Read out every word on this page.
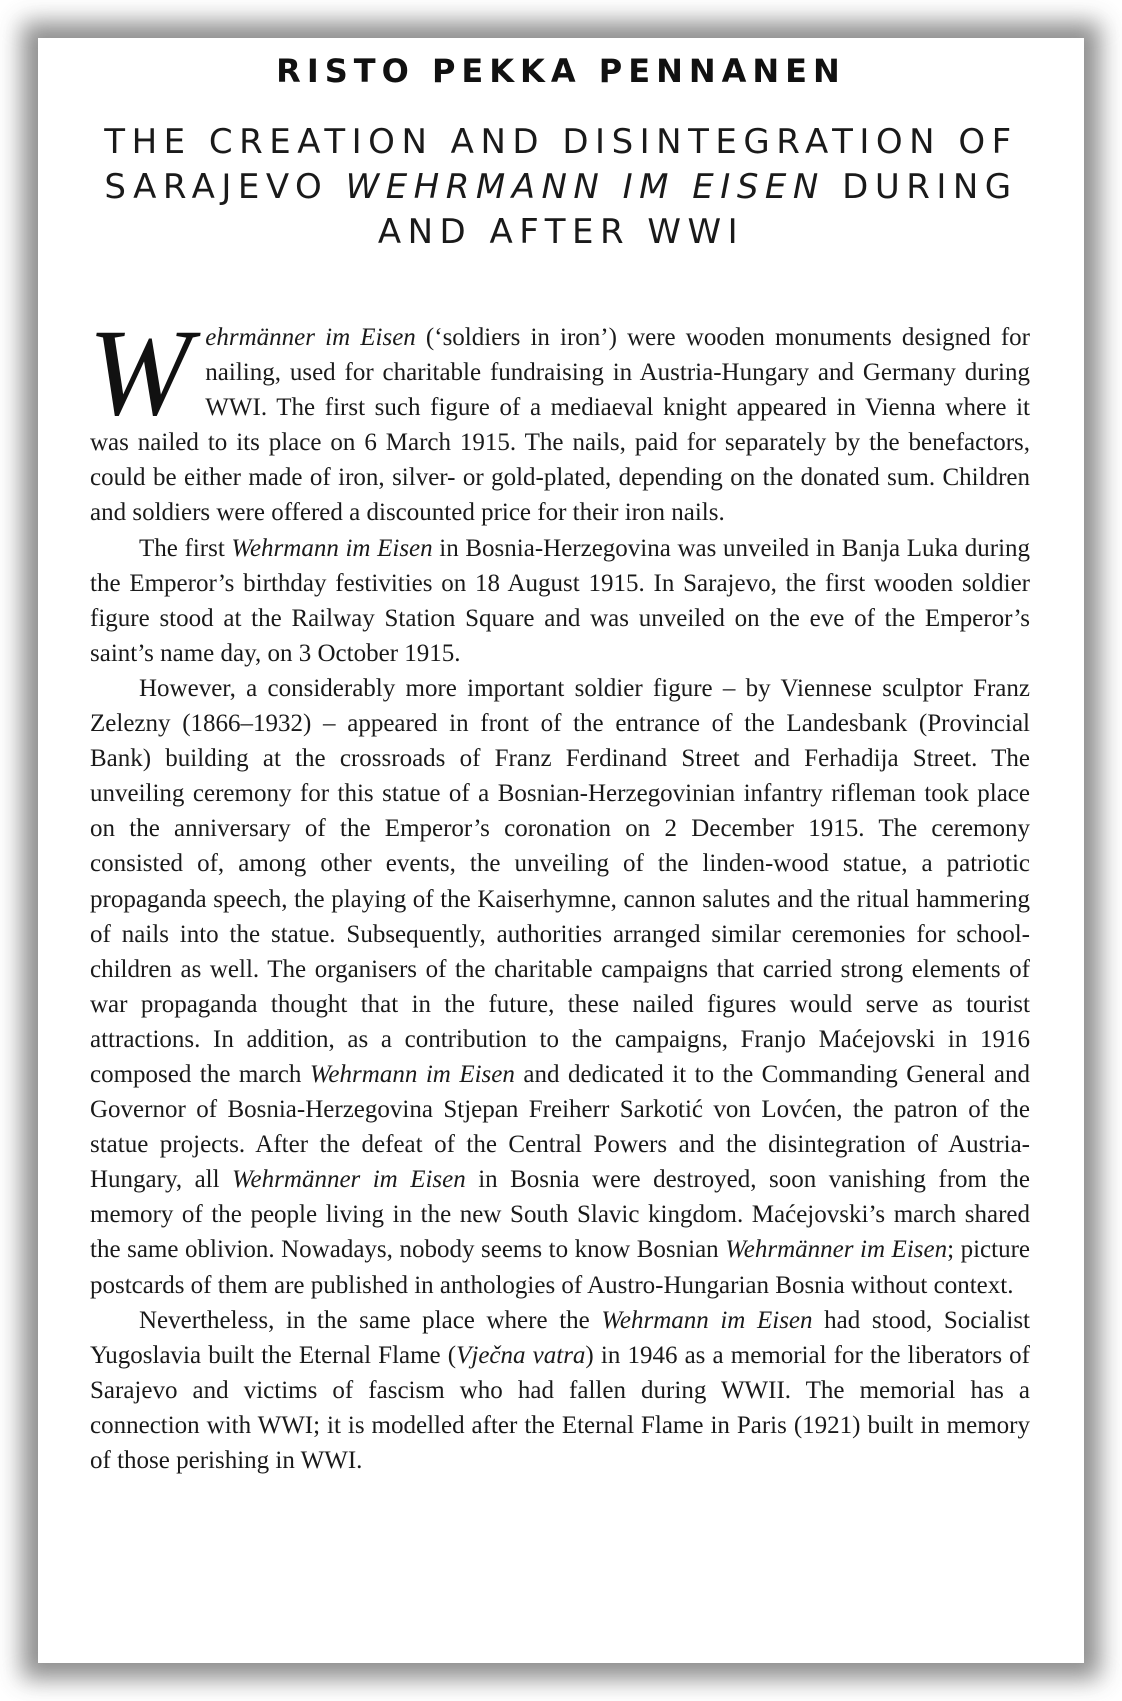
RISTO PEKKA PENNANEN
THE CREATION AND DISINTEGRATION OF
SARAJEVO WEHRMANN IM EISEN DURING
AND AFTER WWI

Wehrmänner im Eisen (‘soldiers in iron’) were wooden monuments designed for nailing, used for charitable fundraising in Austria-Hungary and Germany during WWI. The first such figure of a mediaeval knight appeared in Vienna where it was nailed to its place on 6 March 1915. The nails, paid for separately by the benefactors, could be either made of iron, silver- or gold-plated, depending on the donated sum. Children and soldiers were offered a discounted price for their iron nails.

The first Wehrmann im Eisen in Bosnia-Herzegovina was unveiled in Banja Luka during the Emperor’s birthday festivities on 18 August 1915. In Sarajevo, the first wooden soldier figure stood at the Railway Station Square and was unveiled on the eve of the Emperor’s saint’s name day, on 3 October 1915.

However, a considerably more important soldier figure – by Viennese sculptor Franz Zelezny (1866–1932) – appeared in front of the entrance of the Landesbank (Provincial Bank) building at the crossroads of Franz Ferdinand Street and Ferhadija Street. The unveiling ceremony for this statue of a Bosnian-Herzegovinian infantry rifleman took place on the anniversary of the Emperor’s coronation on 2 December 1915. The ceremony consisted of, among other events, the unveiling of the linden-wood statue, a patriotic propaganda speech, the playing of the Kaiserhymne, cannon salutes and the ritual hammering of nails into the statue. Subsequently, authorities arranged similar ceremonies for schoolchildren as well. The organisers of the charitable campaigns that carried strong elements of war propaganda thought that in the future, these nailed figures would serve as tourist attractions. In addition, as a contribution to the campaigns, Franjo Maćejovski in 1916 composed the march Wehrmann im Eisen and dedicated it to the Commanding General and Governor of Bosnia-Herzegovina Stjepan Freiherr Sarkotić von Lovćen, the patron of the statue projects. After the defeat of the Central Powers and the disintegration of Austria-Hungary, all Wehrmänner im Eisen in Bosnia were destroyed, soon vanishing from the memory of the people living in the new South Slavic kingdom. Maćejovski’s march shared the same oblivion. Nowadays, nobody seems to know Bosnian Wehrmänner im Eisen; picture postcards of them are published in anthologies of Austro-Hungarian Bosnia without context.

Nevertheless, in the same place where the Wehrmann im Eisen had stood, Socialist Yugoslavia built the Eternal Flame (Vječna vatra) in 1946 as a memorial for the liberators of Sarajevo and victims of fascism who had fallen during WWII. The memorial has a connection with WWI; it is modelled after the Eternal Flame in Paris (1921) built in memory of those perishing in WWI.
